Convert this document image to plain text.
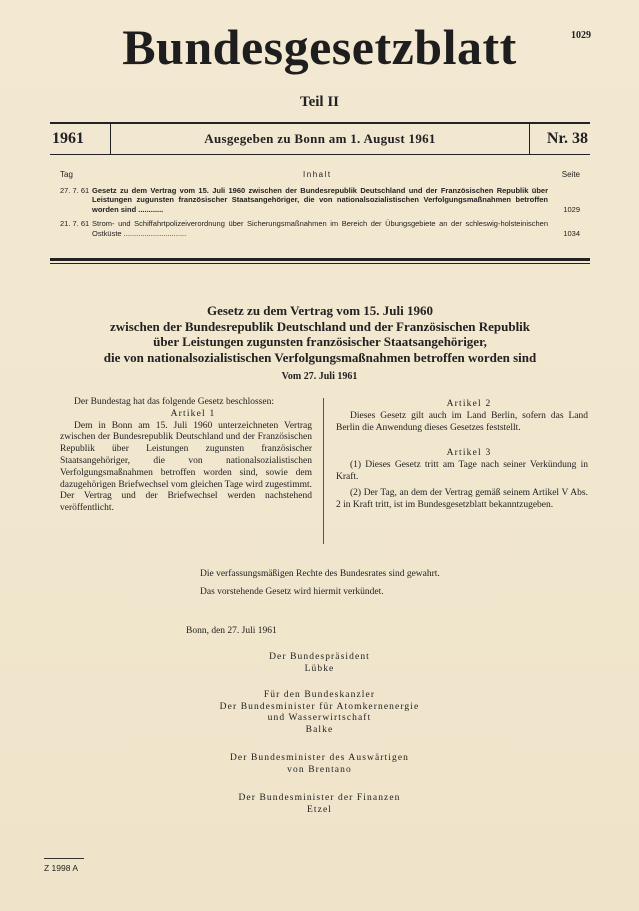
1029
Bundesgesetzblatt
Teil II
1961	Ausgegeben zu Bonn am 1. August 1961	Nr. 38
Tag	Inhalt	Seite
27. 7. 61 Gesetz zu dem Vertrag vom 15. Juli 1960 zwischen der Bundesrepublik Deutschland und der Französischen Republik über Leistungen zugunsten französischer Staatsangehöriger, die von nationalsozialistischen Verfolgungsmaßnahmen betroffen worden sind ............	1029
21. 7. 61 Strom- und Schiffahrtpolizeiverordnung über Sicherungsmaßnahmen im Bereich der Übungsgebiete an der schleswig-holsteinischen Ostküste ..............................	1034
Gesetz zu dem Vertrag vom 15. Juli 1960
zwischen der Bundesrepublik Deutschland und der Französischen Republik
über Leistungen zugunsten französischer Staatsangehöriger,
die von nationalsozialistischen Verfolgungsmaßnahmen betroffen worden sind
Vom 27. Juli 1961

Der Bundestag hat das folgende Gesetz beschlossen:

Artikel 1

Dem in Bonn am 15. Juli 1960 unterzeichneten Vertrag zwischen der Bundesrepublik Deutschland und der Französischen Republik über Leistungen zugunsten französischer Staatsangehöriger, die von nationalsozialistischen Verfolgungsmaßnahmen betroffen worden sind, sowie dem dazugehörigen Briefwechsel vom gleichen Tage wird zugestimmt. Der Vertrag und der Briefwechsel werden nachstehend veröffentlicht.

Artikel 2

Dieses Gesetz gilt auch im Land Berlin, sofern das Land Berlin die Anwendung dieses Gesetzes feststellt.

Artikel 3

(1) Dieses Gesetz tritt am Tage nach seiner Verkündung in Kraft.

(2) Der Tag, an dem der Vertrag gemäß seinem Artikel V Abs. 2 in Kraft tritt, ist im Bundesgesetzblatt bekanntzugeben.

Die verfassungsmäßigen Rechte des Bundesrates sind gewahrt.

Das vorstehende Gesetz wird hiermit verkündet.

Bonn, den 27. Juli 1961
Der Bundespräsident
Lübke
Für den Bundeskanzler
Der Bundesminister für Atomkernenergie
und Wasserwirtschaft
Balke
Der Bundesminister des Auswärtigen
von Brentano
Der Bundesminister der Finanzen
Etzel
Z 1998 A
